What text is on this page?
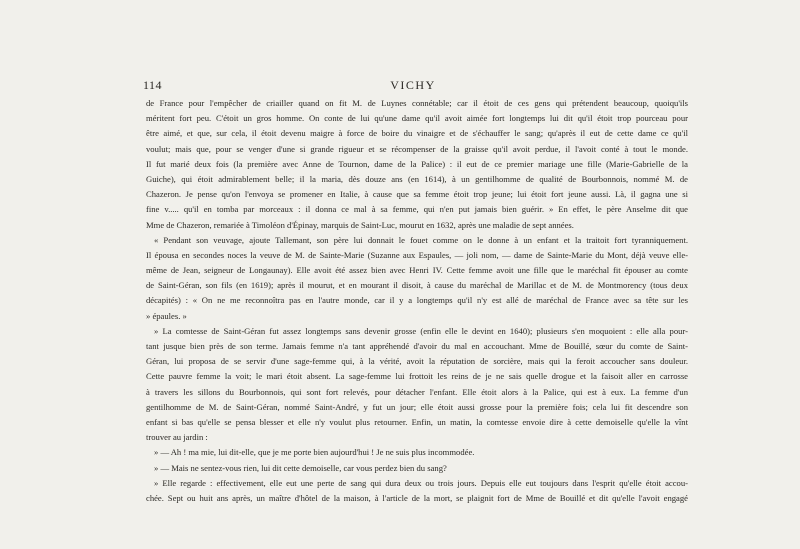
114	VICHY
de France pour l'empêcher de criailler quand on fit M. de Luynes connétable; car il étoit de ces gens qui prétendent beaucoup, quoiqu'ils
méritent fort peu. C'étoit un gros homme. On conte de lui qu'une dame qu'il avoit aimée fort longtemps lui dit qu'il étoit trop pourceau pour
être aimé, et que, sur cela, il étoit devenu maigre à force de boire du vinaigre et de s'échauffer le sang; qu'après il eut de cette dame ce qu'il
voulut; mais que, pour se venger d'une si grande rigueur et se récompenser de la graisse qu'il avoit perdue, il l'avoit conté à tout le monde.
Il fut marié deux fois (la première avec Anne de Tournon, dame de la Palice) : il eut de ce premier mariage une fille (Marie-Gabrielle de la
Guiche), qui étoit admirablement belle; il la maria, dès douze ans (en 1614), à un gentilhomme de qualité de Bourbonnois, nommé M. de
Chazeron. Je pense qu'on l'envoya se promener en Italie, à cause que sa femme étoit trop jeune; lui étoit fort jeune aussi. Là, il gagna une si
fine v..... qu'il en tomba par morceaux : il donna ce mal à sa femme, qui n'en put jamais bien guérir. » En effet, le père Anselme dit que
Mme de Chazeron, remariée à Timoléon d'Épinay, marquis de Saint-Luc, mourut en 1632, après une maladie de sept années.
« Pendant son veuvage, ajoute Tallemant, son père lui donnait le fouet comme on le donne à un enfant et la traitoit fort tyranniquement.
Il épousa en secondes noces la veuve de M. de Sainte-Marie (Suzanne aux Espaules, — joli nom, — dame de Sainte-Marie du Mont, déjà veuve elle-
même de Jean, seigneur de Longaunay). Elle avoit été assez bien avec Henri IV. Cette femme avoit une fille que le maréchal fit épouser au comte
de Saint-Géran, son fils (en 1619); après il mourut, et en mourant il disoit, à cause du maréchal de Marillac et de M. de Montmorency (tous deux
décapités) : « On ne me reconnoîtra pas en l'autre monde, car il y a longtemps qu'il n'y est allé de maréchal de France avec sa tête sur les
» épaules. »
» La comtesse de Saint-Géran fut assez longtemps sans devenir grosse (enfin elle le devint en 1640); plusieurs s'en moquoient : elle alla pour-
tant jusque bien près de son terme. Jamais femme n'a tant appréhendé d'avoir du mal en accouchant. Mme de Bouillé, sœur du comte de Saint-
Géran, lui proposa de se servir d'une sage-femme qui, à la vérité, avoit la réputation de sorcière, mais qui la feroit accoucher sans douleur.
Cette pauvre femme la voit; le mari étoit absent. La sage-femme lui frottoit les reins de je ne sais quelle drogue et la faisoit aller en carrosse
à travers les sillons du Bourbonnois, qui sont fort relevés, pour détacher l'enfant. Elle étoit alors à la Palice, qui est à eux. La femme d'un
gentilhomme de M. de Saint-Géran, nommé Saint-André, y fut un jour; elle étoit aussi grosse pour la première fois; cela lui fit descendre son
enfant si bas qu'elle se pensa blesser et elle n'y voulut plus retourner. Enfin, un matin, la comtesse envoie dire à cette demoiselle qu'elle la vînt
trouver au jardin :
» — Ah ! ma mie, lui dit-elle, que je me porte bien aujourd'hui ! Je ne suis plus incommodée.
» — Mais ne sentez-vous rien, lui dit cette demoiselle, car vous perdez bien du sang?
» Elle regarde : effectivement, elle eut une perte de sang qui dura deux ou trois jours. Depuis elle eut toujours dans l'esprit qu'elle étoit accou-
chée. Sept ou huit ans après, un maître d'hôtel de la maison, à l'article de la mort, se plaignit fort de Mme de Bouillé et dit qu'elle l'avoit engagé
